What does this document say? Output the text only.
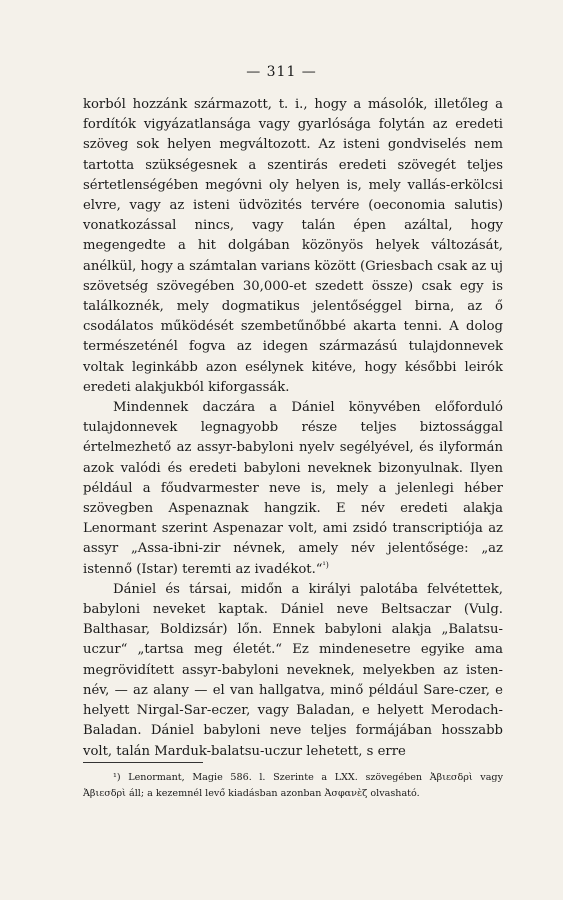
— 311 —

korból hozzánk származott, t. i., hogy a másolók, illetőleg a fordítók vigyázatlansága vagy gyarlósága folytán az eredeti szöveg sok helyen megváltozott. Az isteni gondviselés nem tartotta szükségesnek a szentirás eredeti szövegét teljes sértetlenségében megóvni oly helyen is, mely vallás-erkölcsi elvre, vagy az isteni üdvözités tervére (oeconomia salutis) vonatkozással nincs, vagy talán épen azáltal, hogy megengedte a hit dolgában közönyös helyek változását, anélkül, hogy a számtalan varians között (Griesbach csak az uj szövetség szövegében 30,000-et szedett össze) csak egy is találkoznék, mely dogmatikus jelentőséggel birna, az ő csodálatos működését szembetűnőbbé akarta tenni. A dolog természeténél fogva az idegen származású tulajdonnevek voltak leginkább azon esélynek kitéve, hogy későbbi leirók eredeti alakjukból kiforgassák.

Mindennek daczára a Dániel könyvében előforduló tulajdonnevek legnagyobb része teljes biztossággal értelmezhető az assyr-babyloni nyelv segélyével, és ilyformán azok valódi és eredeti babyloni neveknek bizonyulnak. Ilyen például a főudvarmester neve is, mely a jelenlegi héber szövegben Aspenaznak hangzik. E név eredeti alakja Lenormant szerint Aspenazar volt, ami zsidó transcriptiója az assyr „Assa-ibni-zir névnek, amely név jelentősége: „az istennő (Istar) teremti az ivadékot.“$^{^1)}$

Dániel és társai, midőn a királyi palotába felvétettek, babyloni neveket kaptak. Dániel neve Beltsaczar (Vulg. Balthasar, Boldizsár) lőn. Ennek babyloni alakja „Balatsu-uczur“ „tartsa meg életét.“ Ez mindenesetre egyike ama megrövidített assyr-babyloni neveknek, melyekben az isten-név, — az alany — el van hallgatva, minő például Sare-czer, e helyett Nirgal-Sar-eczer, vagy Baladan, e helyett Merodach-Baladan. Dániel babyloni neve teljes formájában hosszabb volt, talán Marduk-balatsu-uczur lehetett, s erre

¹) Lenormant, Magie 586. l. Szerinte a LXX. szövegében Ἀβιεσδρὶ vagy Ἀβιεσδρὶ áll; a kezemnél levő kiadásban azonban Ἀσφανὲζ olvasható.
